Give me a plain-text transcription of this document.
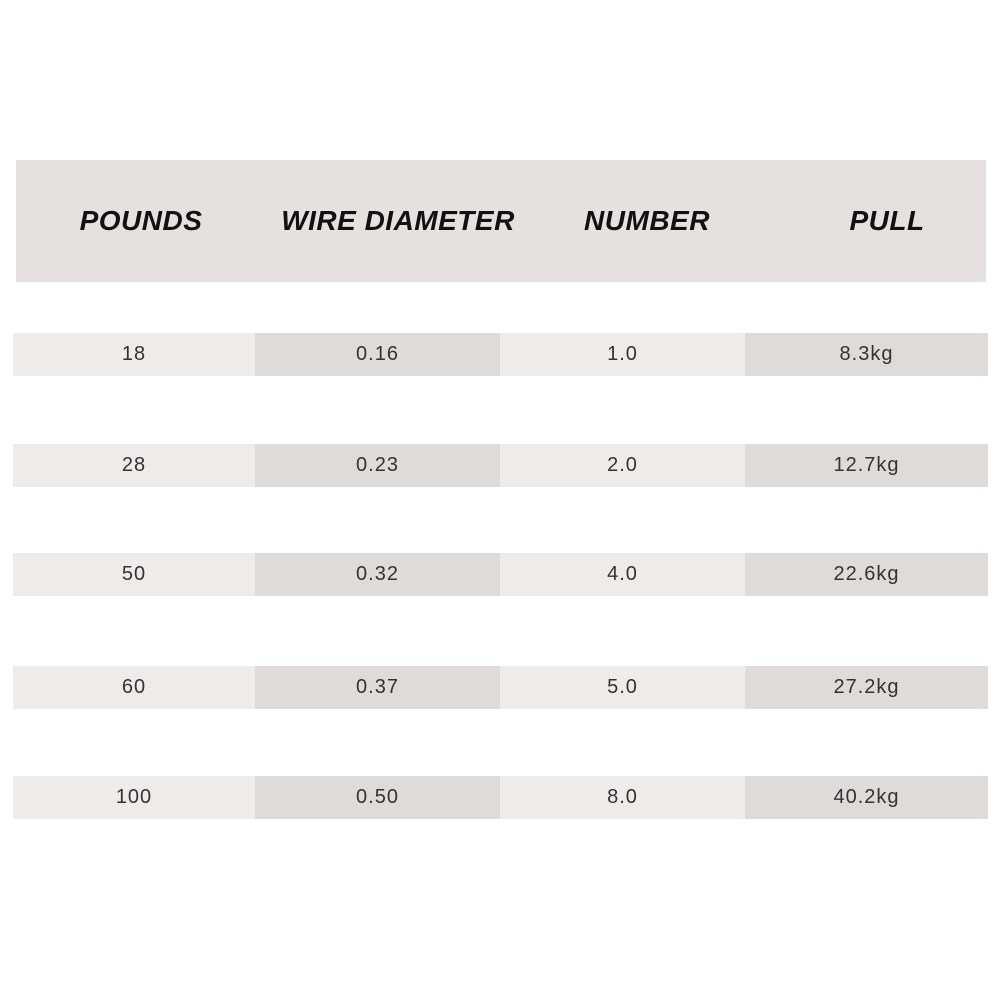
POUNDS	WIRE DIAMETER	NUMBER	PULL
18	0.16	1.0	8.3kg
28	0.23	2.0	12.7kg
50	0.32	4.0	22.6kg
60	0.37	5.0	27.2kg
100	0.50	8.0	40.2kg
